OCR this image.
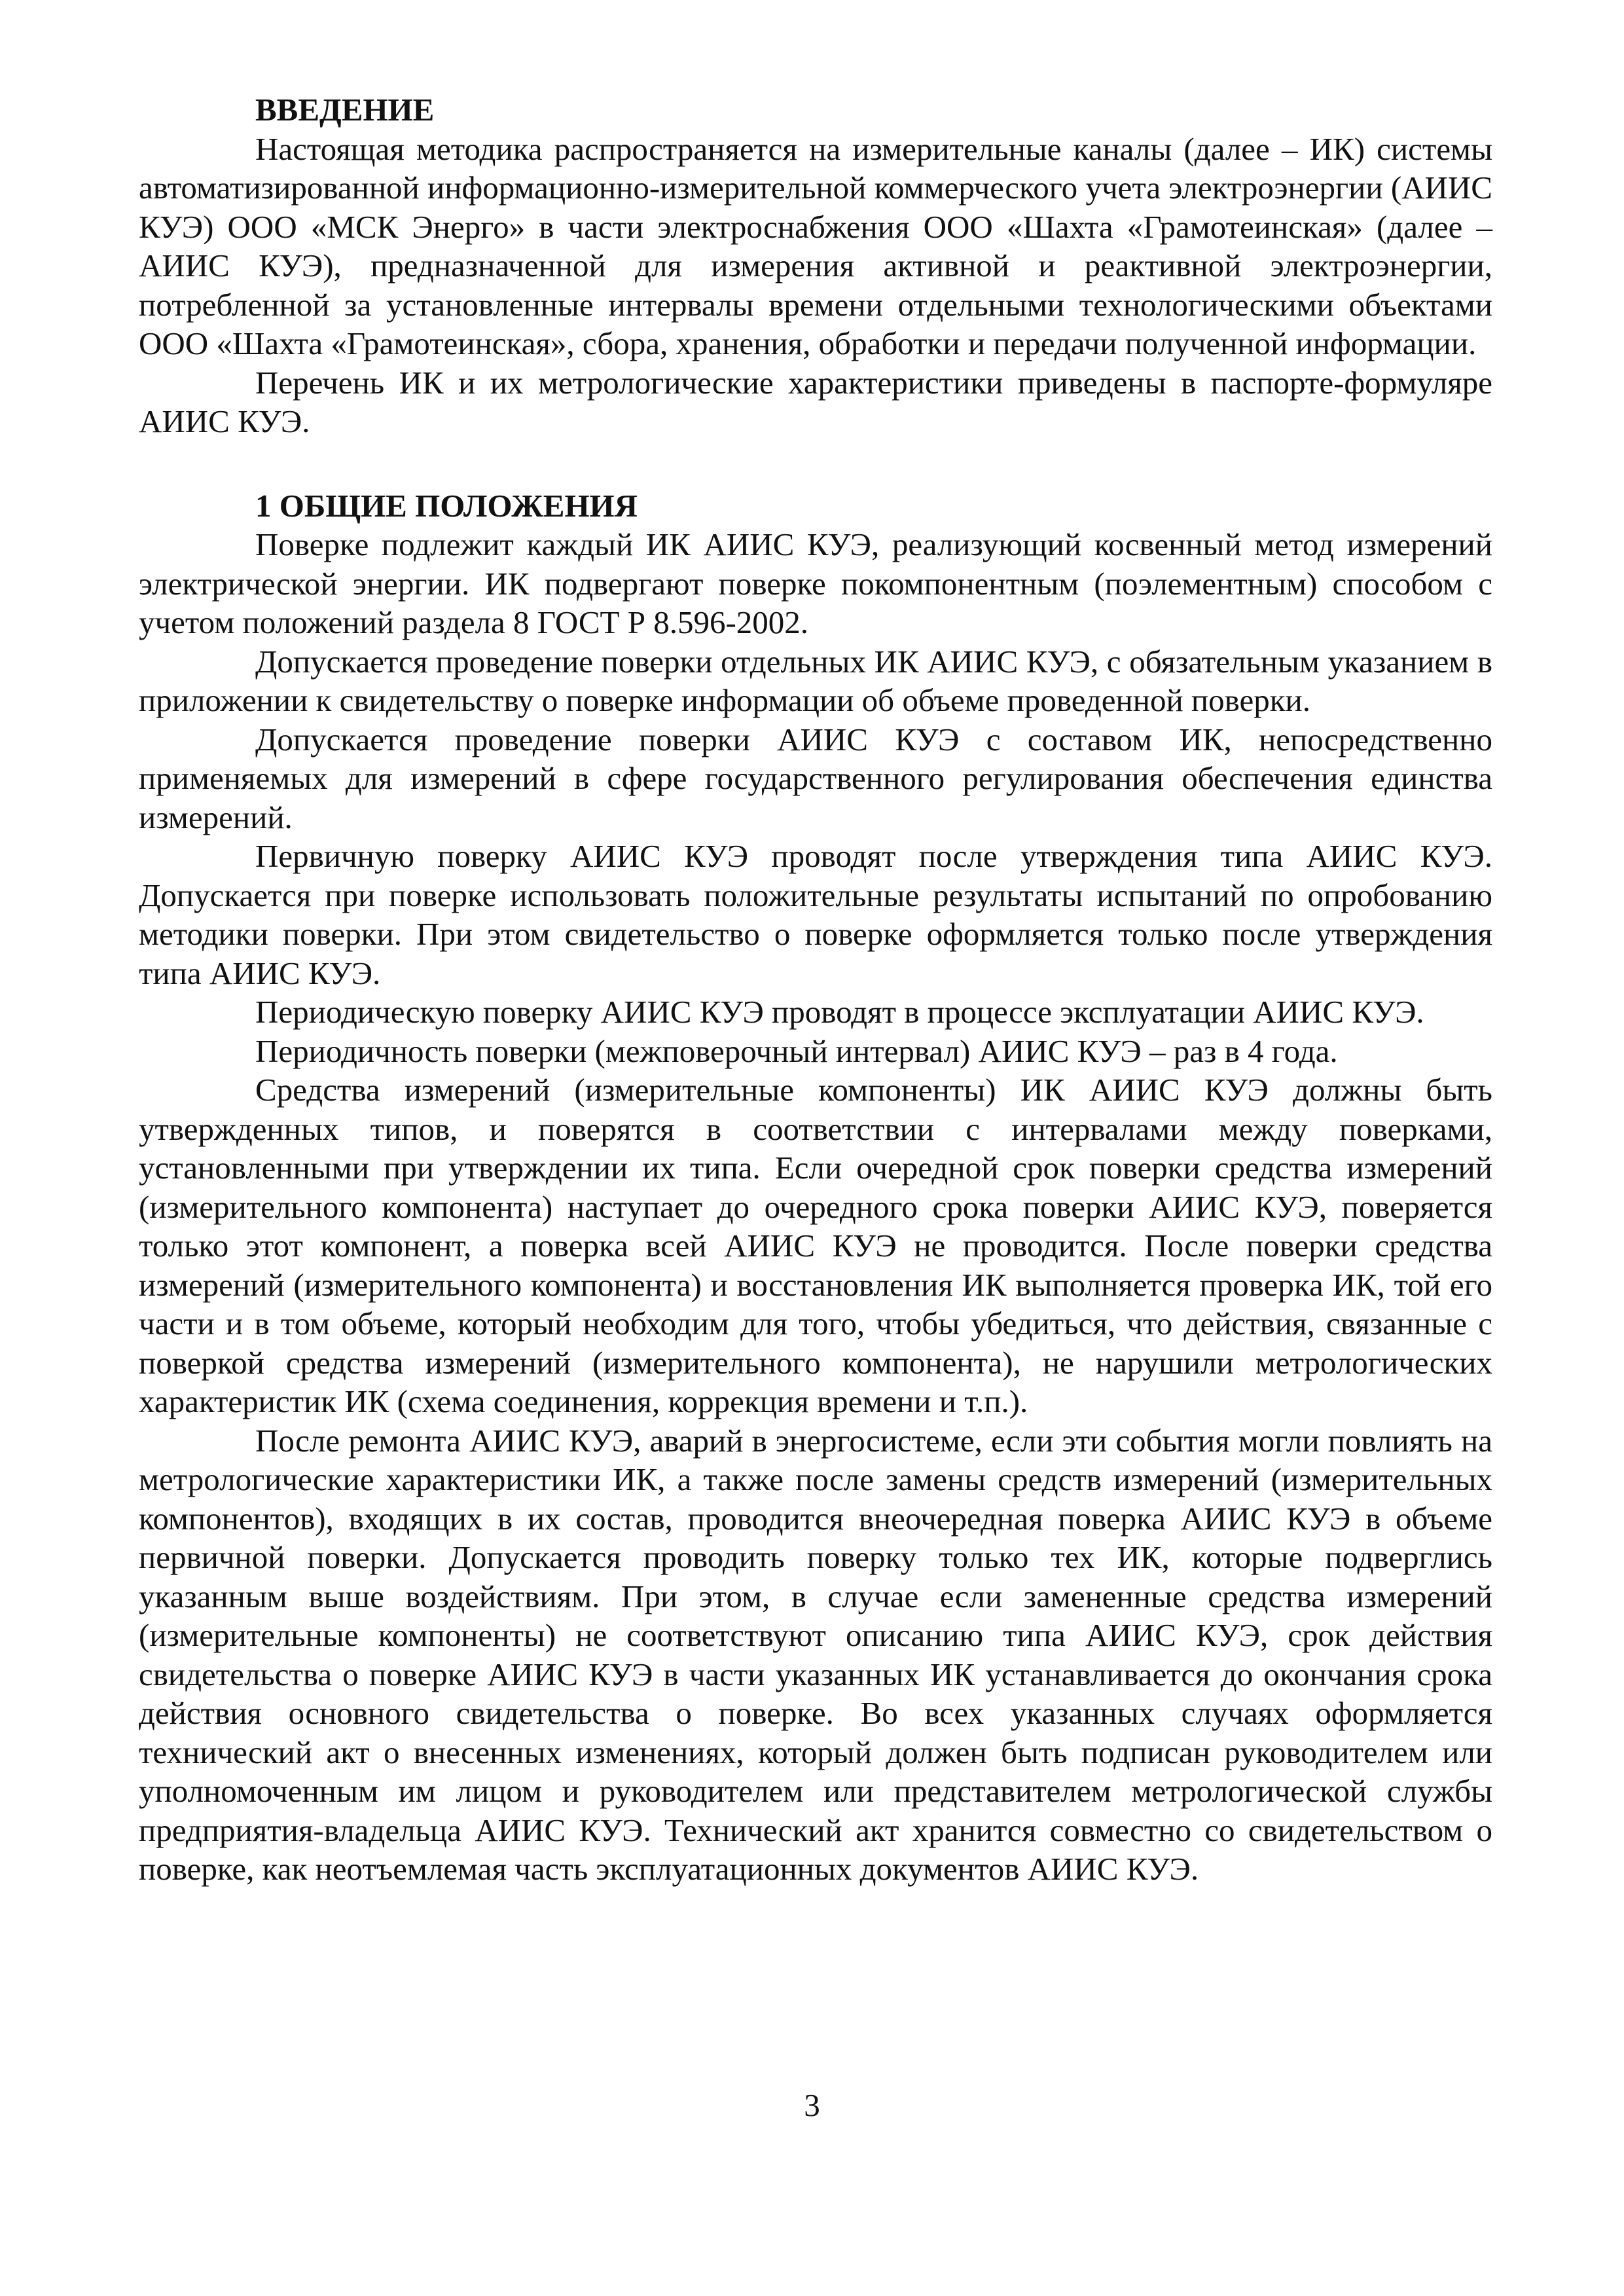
ВВЕДЕНИЕ

Настоящая методика распространяется на измерительные каналы (далее – ИК) системы автоматизированной информационно-измерительной коммерческого учета электроэнергии (АИИС КУЭ) ООО «МСК Энерго» в части электроснабжения ООО «Шахта «Грамотеинская» (далее – АИИС КУЭ), предназначенной для измерения активной и реактивной электроэнергии, потребленной за установленные интервалы времени отдельными технологическими объектами ООО «Шахта «Грамотеинская», сбора, хранения, обработки и передачи полученной информации.

Перечень ИК и их метрологические характеристики приведены в паспорте-формуляре АИИС КУЭ.

1 ОБЩИЕ ПОЛОЖЕНИЯ

Поверке подлежит каждый ИК АИИС КУЭ, реализующий косвенный метод измерений электрической энергии. ИК подвергают поверке покомпонентным (поэлементным) способом с учетом положений раздела 8 ГОСТ Р 8.596-2002.

Допускается проведение поверки отдельных ИК АИИС КУЭ, с обязательным указанием в приложении к свидетельству о поверке информации об объеме проведенной поверки.

Допускается проведение поверки АИИС КУЭ с составом ИК, непосредственно применяемых для измерений в сфере государственного регулирования обеспечения единства измерений.

Первичную поверку АИИС КУЭ проводят после утверждения типа АИИС КУЭ. Допускается при поверке использовать положительные результаты испытаний по опробованию методики поверки. При этом свидетельство о поверке оформляется только после утверждения типа АИИС КУЭ.

Периодическую поверку АИИС КУЭ проводят в процессе эксплуатации АИИС КУЭ.

Периодичность поверки (межповерочный интервал) АИИС КУЭ – раз в 4 года.

Средства измерений (измерительные компоненты) ИК АИИС КУЭ должны быть утвержденных типов, и поверятся в соответствии с интервалами между поверками, установленными при утверждении их типа. Если очередной срок поверки средства измерений (измерительного компонента) наступает до очередного срока поверки АИИС КУЭ, поверяется только этот компонент, а поверка всей АИИС КУЭ не проводится. После поверки средства измерений (измерительного компонента) и восстановления ИК выполняется проверка ИК, той его части и в том объеме, который необходим для того, чтобы убедиться, что действия, связанные с поверкой средства измерений (измерительного компонента), не нарушили метрологических характеристик ИК (схема соединения, коррекция времени и т.п.).

После ремонта АИИС КУЭ, аварий в энергосистеме, если эти события могли повлиять на метрологические характеристики ИК, а также после замены средств измерений (измерительных компонентов), входящих в их состав, проводится внеочередная поверка АИИС КУЭ в объеме первичной поверки. Допускается проводить поверку только тех ИК, которые подверглись указанным выше воздействиям. При этом, в случае если замененные средства измерений (измерительные компоненты) не соответствуют описанию типа АИИС КУЭ, срок действия свидетельства о поверке АИИС КУЭ в части указанных ИК устанавливается до окончания срока действия основного свидетельства о поверке. Во всех указанных случаях оформляется технический акт о внесенных изменениях, который должен быть подписан руководителем или уполномоченным им лицом и руководителем или представителем метрологической службы предприятия-владельца АИИС КУЭ. Технический акт хранится совместно со свидетельством о поверке, как неотъемлемая часть эксплуатационных документов АИИС КУЭ.

3
